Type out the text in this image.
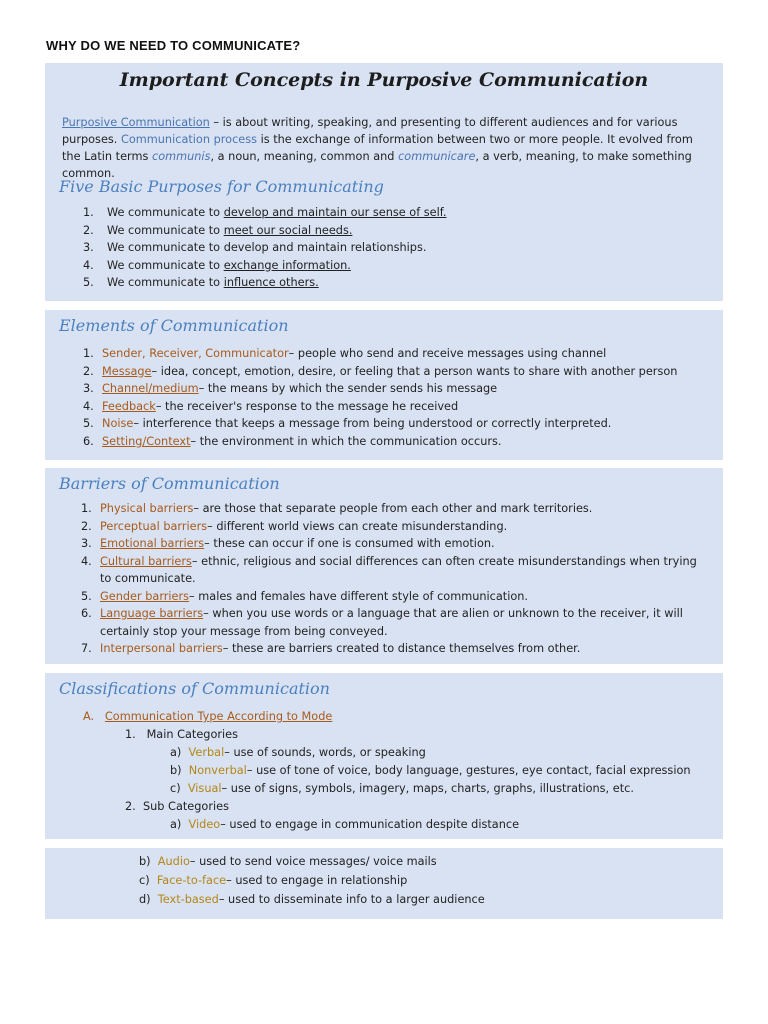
WHY DO WE NEED TO COMMUNICATE?
Important Concepts in Purposive Communication
Purposive Communication – is about writing, speaking, and presenting to different audiences and for various purposes. Communication process is the exchange of information between two or more people. It evolved from the Latin terms communis, a noun, meaning, common and communicare, a verb, meaning, to make something common.
Five Basic Purposes for Communicating
1.	We communicate to develop and maintain our sense of self.
2.	We communicate to meet our social needs.
3.	We communicate to develop and maintain relationships.
4.	We communicate to exchange information.
5.	We communicate to influence others.
Elements of Communication
1. Sender, Receiver, Communicator– people who send and receive messages using channel
2. Message– idea, concept, emotion, desire, or feeling that a person wants to share with another person
3. Channel/medium– the means by which the sender sends his message
4. Feedback– the receiver's response to the message he received
5. Noise– interference that keeps a message from being understood or correctly interpreted.
6. Setting/Context– the environment in which the communication occurs.
Barriers of Communication
1. Physical barriers– are those that separate people from each other and mark territories.
2. Perceptual barriers– different world views can create misunderstanding.
3. Emotional barriers– these can occur if one is consumed with emotion.
4. Cultural barriers– ethnic, religious and social differences can often create misunderstandings when trying to communicate.
5. Gender barriers– males and females have different style of communication.
6. Language barriers– when you use words or a language that are alien or unknown to the receiver, it will certainly stop your message from being conveyed.
7. Interpersonal barriers– these are barriers created to distance themselves from other.
Classifications of Communication
A. Communication Type According to Mode
1. Main Categories
a) Verbal– use of sounds, words, or speaking
b) Nonverbal– use of tone of voice, body language, gestures, eye contact, facial expression
c) Visual– use of signs, symbols, imagery, maps, charts, graphs, illustrations, etc.
2. Sub Categories
a) Video– used to engage in communication despite distance
b) Audio– used to send voice messages/ voice mails
c) Face-to-face– used to engage in relationship
d) Text-based– used to disseminate info to a larger audience
